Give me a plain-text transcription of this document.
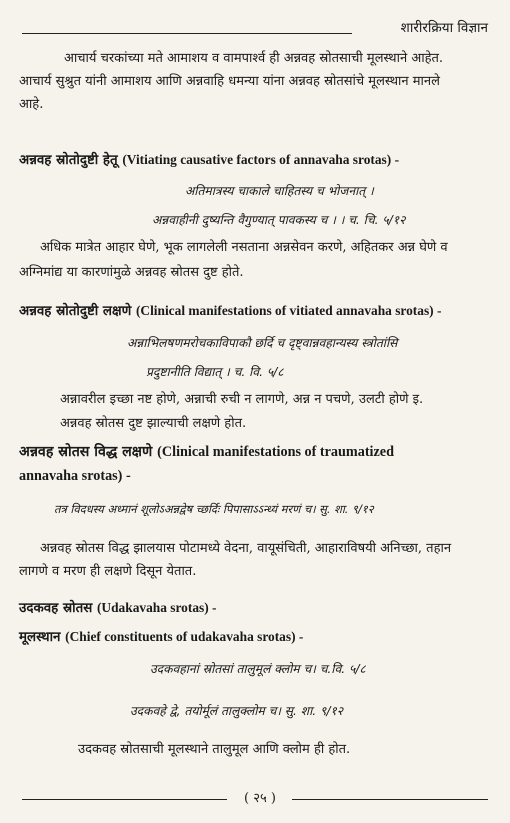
शारीरक्रिया विज्ञान
आचार्य चरकांच्या मते आमाशय व वामपार्श्व ही अन्नवह स्रोतसाची मूलस्थाने आहेत.
आचार्य सुश्रुत यांनी आमाशय आणि अन्नवाहि धमन्या यांना अन्नवह स्रोतसांचे मूलस्थान मानले
आहे.
अन्नवह स्रोतोदुष्टी हेतू (Vitiating causative factors of annavaha srotas) -
अतिमात्रस्य चाकाले चाहितस्य च भोजनात् ।
अन्नवाहीनी दुष्यन्ति वैगुण्यात् पावकस्य च । । च. चि. ५/१२
अधिक मात्रेत आहार घेणे, भूक लागलेली नसताना अन्नसेवन करणे, अहितकर अन्न घेणे व
अग्निमांद्य या कारणांमुळे अन्नवह स्रोतस दुष्ट होते.
अन्नवह स्रोतोदुष्टी लक्षणे (Clinical manifestations of vitiated annavaha srotas) -
अन्नाभिलषणमरोचकाविपाकौ छर्दि च दृष्ट्वान्नवहान्यस्य स्त्रोतांसि
प्रदुष्टानीति विद्यात् । च. वि. ५/८
अन्नावरील इच्छा नष्ट होणे, अन्नाची रुची न लागणे, अन्न न पचणे, उलटी होणे इ.
अन्नवह स्रोतस दुष्ट झाल्याची लक्षणे होत.
अन्नवह स्रोतस विद्ध लक्षणे (Clinical manifestations of traumatized
annavaha srotas) -
तत्र विदधस्य अध्मानं शूलोऽअन्नद्वेष च्छर्दिः पिपासाऽऽन्ध्यं मरणं च। सु. शा. ९/१२
अन्नवह स्रोतस विद्ध झालयास पोटामध्ये वेदना, वायूसंचिती, आहाराविषयी अनिच्छा, तहान
लागणे व मरण ही लक्षणे दिसून येतात.
उदकवह स्रोतस (Udakavaha srotas) -
मूलस्थान (Chief constituents of udakavaha srotas) -
उदकवहानां स्रोतसां तालुमूलं क्लोम च। च.वि. ५/८
उदकवहे द्वे, तयोर्मूलं तालुक्लोम च। सु. शा. ९/१२
उदकवह स्रोतसाची मूलस्थाने तालुमूल आणि क्लोम ही होत.
( २५ )
